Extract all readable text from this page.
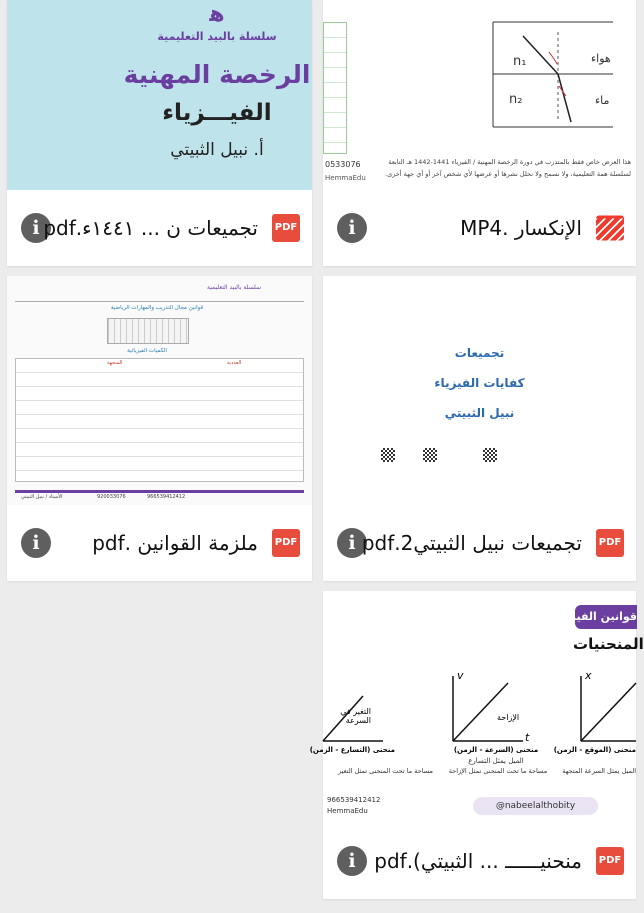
ﻫ
سلسلة بالبيد التعليمية
الرخصة المهنية
الفيـــزياء
أ. نبيل الثبيتي
i تجميعات ن ... ١٤٤١ء.pdf PDF
هواء
ماء
n₁
n₂
0533076	هذا العرض خاص فقط بالمتدرب في دورة الرخصة المهنية / الفيزياء 1441-1442 هـ التابعة
لسلسلة همة التعليمية، ولا نسمح ولا نحلل نشرها أو عرضها لأي شخص آخر أو أي جهة أخرى.
HemmaEdu
i	الإنكسار .MP4
سلسلة بالبيد التعليمية
قوانين مجال التدريب والمهارات الرياضية
الكميات الفيزيائية
العددية
المتجهة
920033076	966539412412
الأستاذ / نبيل الثبيتي
i	ملزمة القوانين .pdf PDF
تجميعات
كفايات الفيزياء
نبيل الثبيتي
i تجميعات نبيل الثبيتي2.pdf PDF
قوانين الفيزياء
المنحنيات
v	x
t
التغير في السرعة	الإزاحة
منحنى (التسارع - الزمن)	منحنى (السرعة - الزمن)	منحنى (الموقع - الزمن)
الميل يمثل التسارع
مساحة ما تحت المنحنى تمثل التغير	مساحة ما تحت المنحنى تمثل الإزاحة	الميل يمثل السرعة المتجهة
966539412412
HemmaEdu	@nabeelalthobity
i منحنيــــــ ... الثبيتي).pdf PDF
